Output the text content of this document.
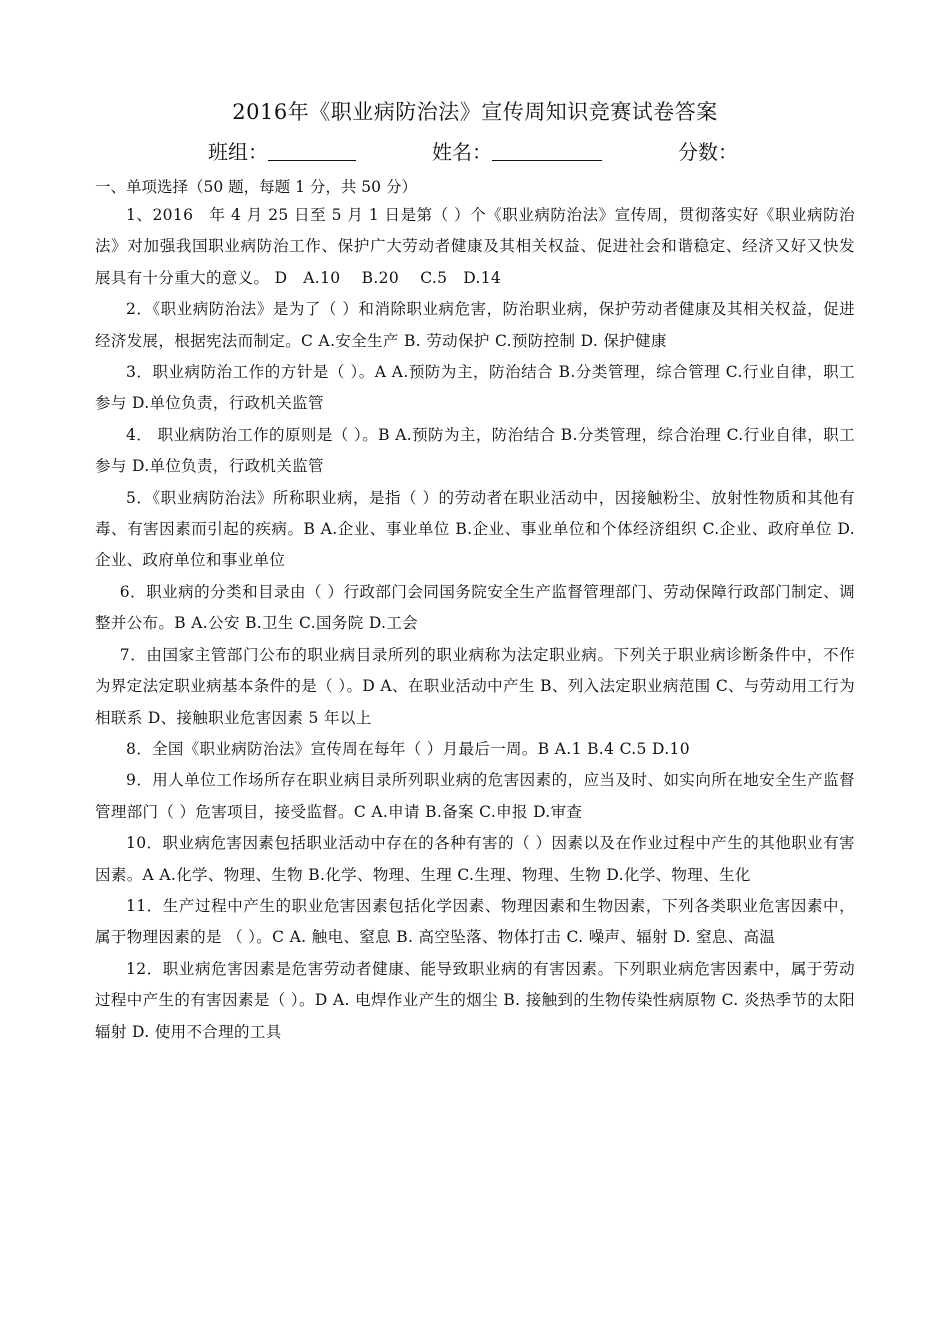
2016年《职业病防治法》宣传周知识竞赛试卷答案
班组：	姓名：	分数：
一、单项选择（50 题，每题 1 分，共 50 分）

1、2016　年 4 月 25 日至 5 月 1 日是第（ ）个《职业病防治法》宣传周，贯彻落实好《职业病防治法》对加强我国职业病防治工作、保护广大劳动者健康及其相关权益、促进社会和谐稳定、经济又好又快发展具有十分重大的意义。 D　A.10　 B.20　 C.5　D.14

2．《职业病防治法》是为了（ ）和消除职业病危害，防治职业病，保护劳动者健康及其相关权益，促进经济发展，根据宪法而制定。C A.安全生产 B. 劳动保护 C.预防控制 D. 保护健康

3．职业病防治工作的方针是（ ）。A A.预防为主，防治结合 B.分类管理，综合管理 C.行业自律，职工参与 D.单位负责，行政机关监管

4． 职业病防治工作的原则是（ ）。B A.预防为主，防治结合 B.分类管理，综合治理 C.行业自律，职工参与 D.单位负责，行政机关监管

5．《职业病防治法》所称职业病，是指（ ）的劳动者在职业活动中，因接触粉尘、放射性物质和其他有毒、有害因素而引起的疾病。B A.企业、事业单位 B.企业、事业单位和个体经济组织 C.企业、政府单位 D.企业、政府单位和事业单位

6．职业病的分类和目录由（ ）行政部门会同国务院安全生产监督管理部门、劳动保障行政部门制定、调整并公布。B A.公安 B.卫生 C.国务院 D.工会

7．由国家主管部门公布的职业病目录所列的职业病称为法定职业病。下列关于职业病诊断条件中，不作为界定法定职业病基本条件的是（ ）。D A、在职业活动中产生 B、列入法定职业病范围 C、与劳动用工行为相联系 D、接触职业危害因素 5 年以上

8．全国《职业病防治法》宣传周在每年（ ）月最后一周。B A.1 B.4 C.5 D.10

9．用人单位工作场所存在职业病目录所列职业病的危害因素的，应当及时、如实向所在地安全生产监督管理部门（ ）危害项目，接受监督。C A.申请 B.备案 C.申报 D.审查

10．职业病危害因素包括职业活动中存在的各种有害的（ ）因素以及在作业过程中产生的其他职业有害因素。A A.化学、物理、生物 B.化学、物理、生理 C.生理、物理、生物 D.化学、物理、生化

11．生产过程中产生的职业危害因素包括化学因素、物理因素和生物因素，下列各类职业危害因素中，属于物理因素的是 （ ）。C A. 触电、窒息 B. 高空坠落、物体打击 C. 噪声、辐射 D. 窒息、高温

12．职业病危害因素是危害劳动者健康、能导致职业病的有害因素。下列职业病危害因素中，属于劳动过程中产生的有害因素是（ ）。D A. 电焊作业产生的烟尘 B. 接触到的生物传染性病原物 C. 炎热季节的太阳辐射 D. 使用不合理的工具
